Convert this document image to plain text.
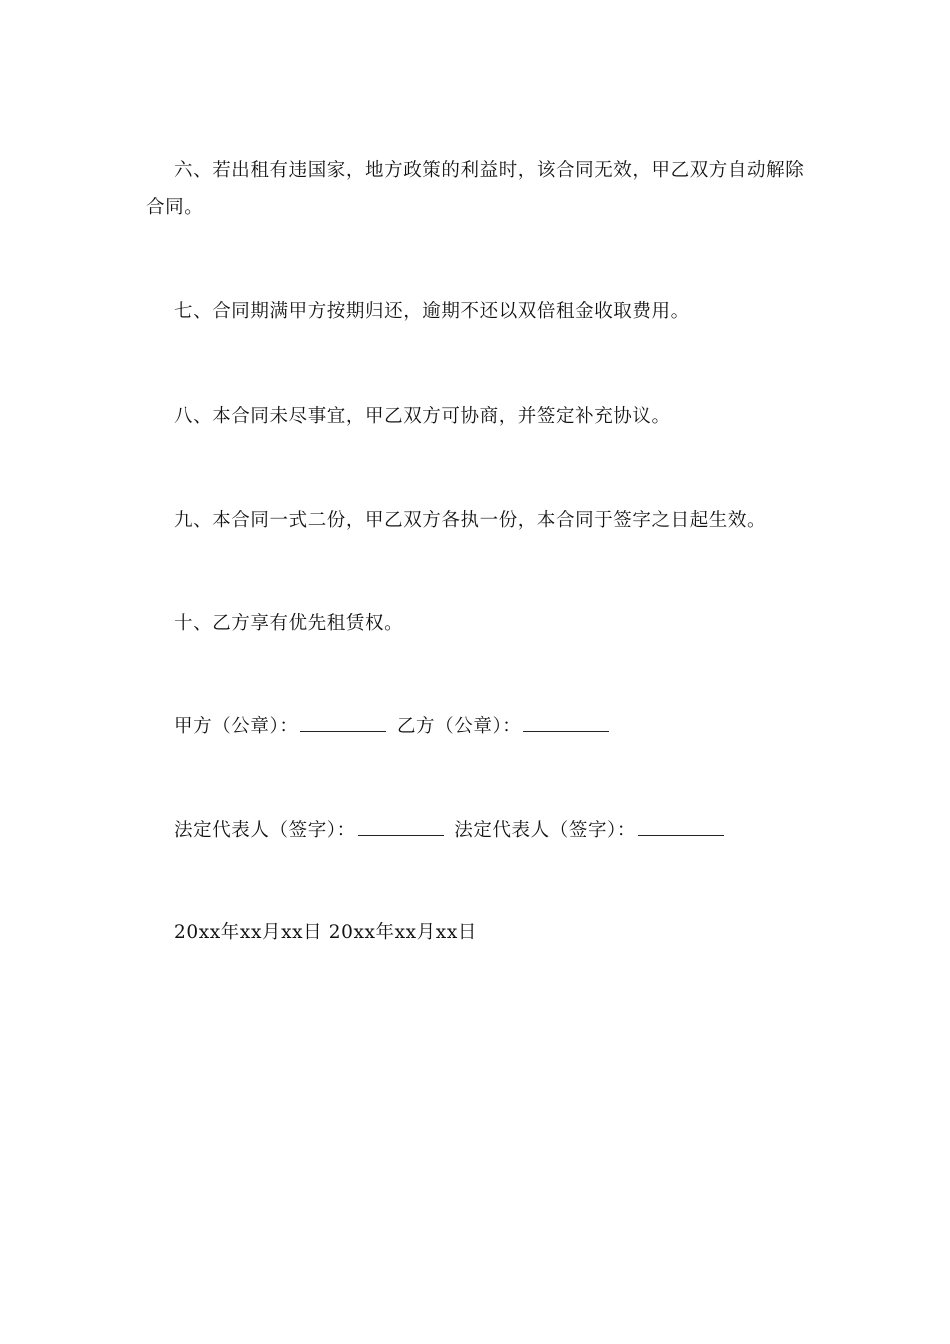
六、若出租有违国家，地方政策的利益时，该合同无效，甲乙双方自动解除合同。

七、合同期满甲方按期归还，逾期不还以双倍租金收取费用。

八、本合同未尽事宜，甲乙双方可协商，并签定补充协议。

九、本合同一式二份，甲乙双方各执一份，本合同于签字之日起生效。

十、乙方享有优先租赁权。

甲方（公章）：	乙方（公章）：
法定代表人（签字）：	法定代表人（签字）：
20xx年xx月xx日 20xx年xx月xx日
